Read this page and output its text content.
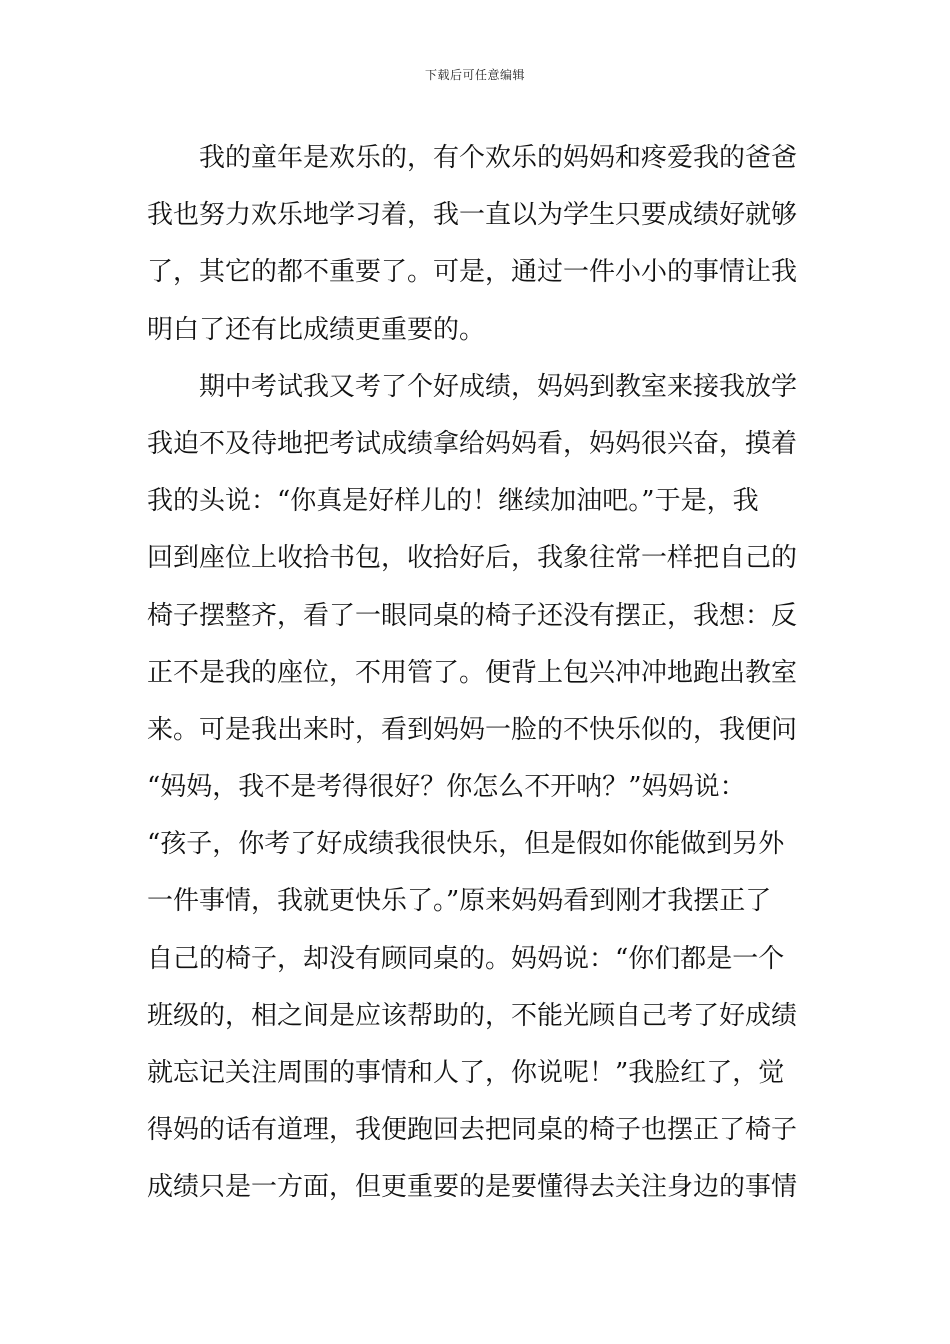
下载后可任意编辑
我的童年是欢乐的，有个欢乐的妈妈和疼爱我的爸爸
我也努力欢乐地学习着，我一直以为学生只要成绩好就够
了，其它的都不重要了。可是，通过一件小小的事情让我
明白了还有比成绩更重要的。
期中考试我又考了个好成绩，妈妈到教室来接我放学
我迫不及待地把考试成绩拿给妈妈看，妈妈很兴奋，摸着
我的头说：“你真是好样儿的！继续加油吧。”于是，我
回到座位上收拾书包，收拾好后，我象往常一样把自己的
椅子摆整齐，看了一眼同桌的椅子还没有摆正，我想：反
正不是我的座位，不用管了。便背上包兴冲冲地跑出教室
来。可是我出来时，看到妈妈一脸的不快乐似的，我便问
“妈妈，我不是考得很好？你怎么不开呐？”妈妈说：
“孩子，你考了好成绩我很快乐，但是假如你能做到另外
一件事情，我就更快乐了。”原来妈妈看到刚才我摆正了
自己的椅子，却没有顾同桌的。妈妈说：“你们都是一个
班级的，相之间是应该帮助的，不能光顾自己考了好成绩
就忘记关注周围的事情和人了，你说呢！”我脸红了，觉
得妈的话有道理，我便跑回去把同桌的椅子也摆正了椅子
成绩只是一方面，但更重要的是要懂得去关注身边的事情
